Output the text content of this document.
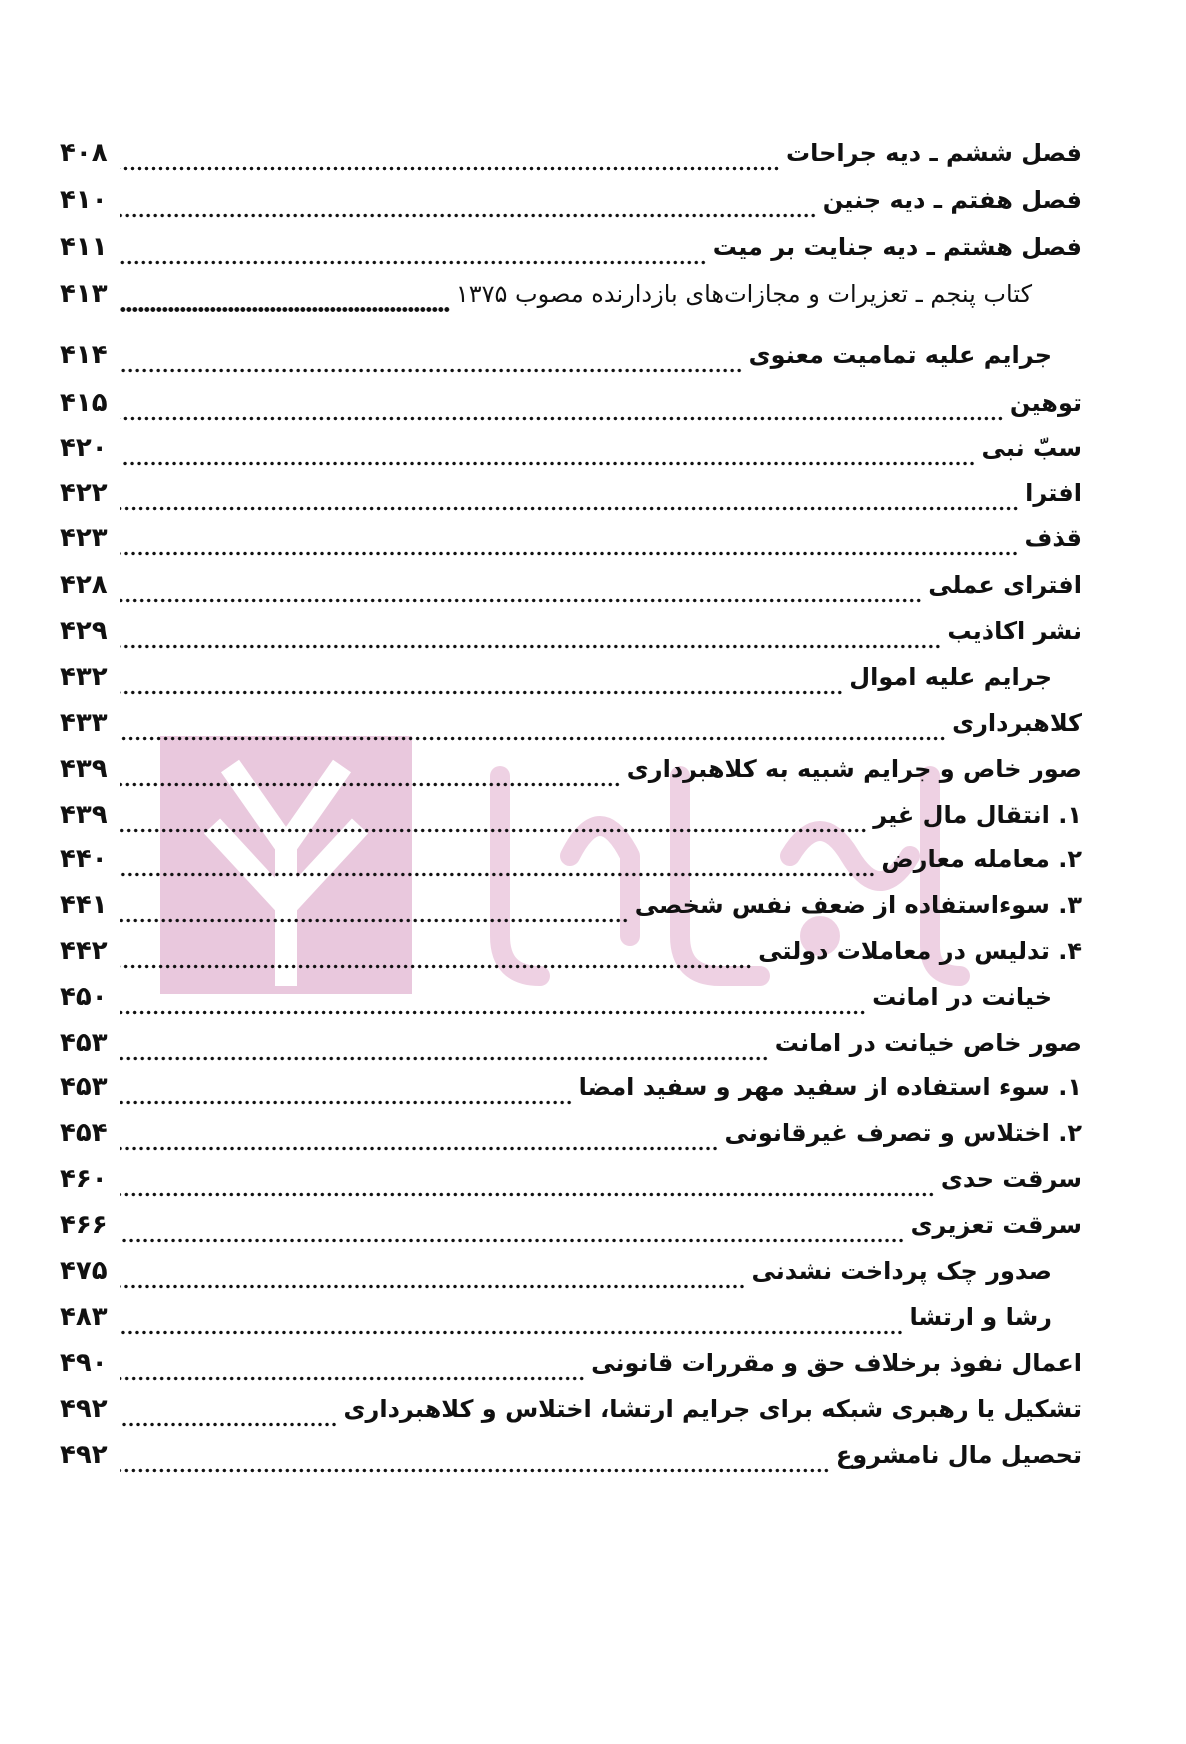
فصل ششم ـ دیه جراحات
۴۰۸
فصل هفتم ـ دیه جنین
۴۱۰
فصل هشتم ـ دیه جنایت بر میت
۴۱۱
کتاب پنجم ـ تعزیرات و مجازات‌های بازدارنده مصوب ۱۳۷۵
۴۱۳
جرایم علیه تمامیت معنوی
۴۱۴
توهین
۴۱۵
سبّ نبی
۴۲۰
افترا
۴۲۲
قذف
۴۲۳
افترای عملی
۴۲۸
نشر اکاذیب
۴۲۹
جرایم علیه اموال
۴۳۲
کلاهبرداری
۴۳۳
صور خاص و جرایم شبیه به کلاهبرداری
۴۳۹
۱. انتقال مال غیر
۴۳۹
۲. معامله معارض
۴۴۰
۳. سوءاستفاده از ضعف نفس شخصی
۴۴۱
۴. تدلیس در معاملات دولتی
۴۴۲
خیانت در امانت
۴۵۰
صور خاص خیانت در امانت
۴۵۳
۱. سوء استفاده از سفید مهر و سفید امضا
۴۵۳
۲. اختلاس و تصرف غیرقانونی
۴۵۴
سرقت حدی
۴۶۰
سرقت تعزیری
۴۶۶
صدور چک پرداخت نشدنی
۴۷۵
رشا و ارتشا
۴۸۳
اعمال نفوذ برخلاف حق و مقررات قانونی
۴۹۰
تشکیل یا رهبری شبکه برای جرایم ارتشا، اختلاس و کلاهبرداری
۴۹۲
تحصیل مال نامشروع
۴۹۲
